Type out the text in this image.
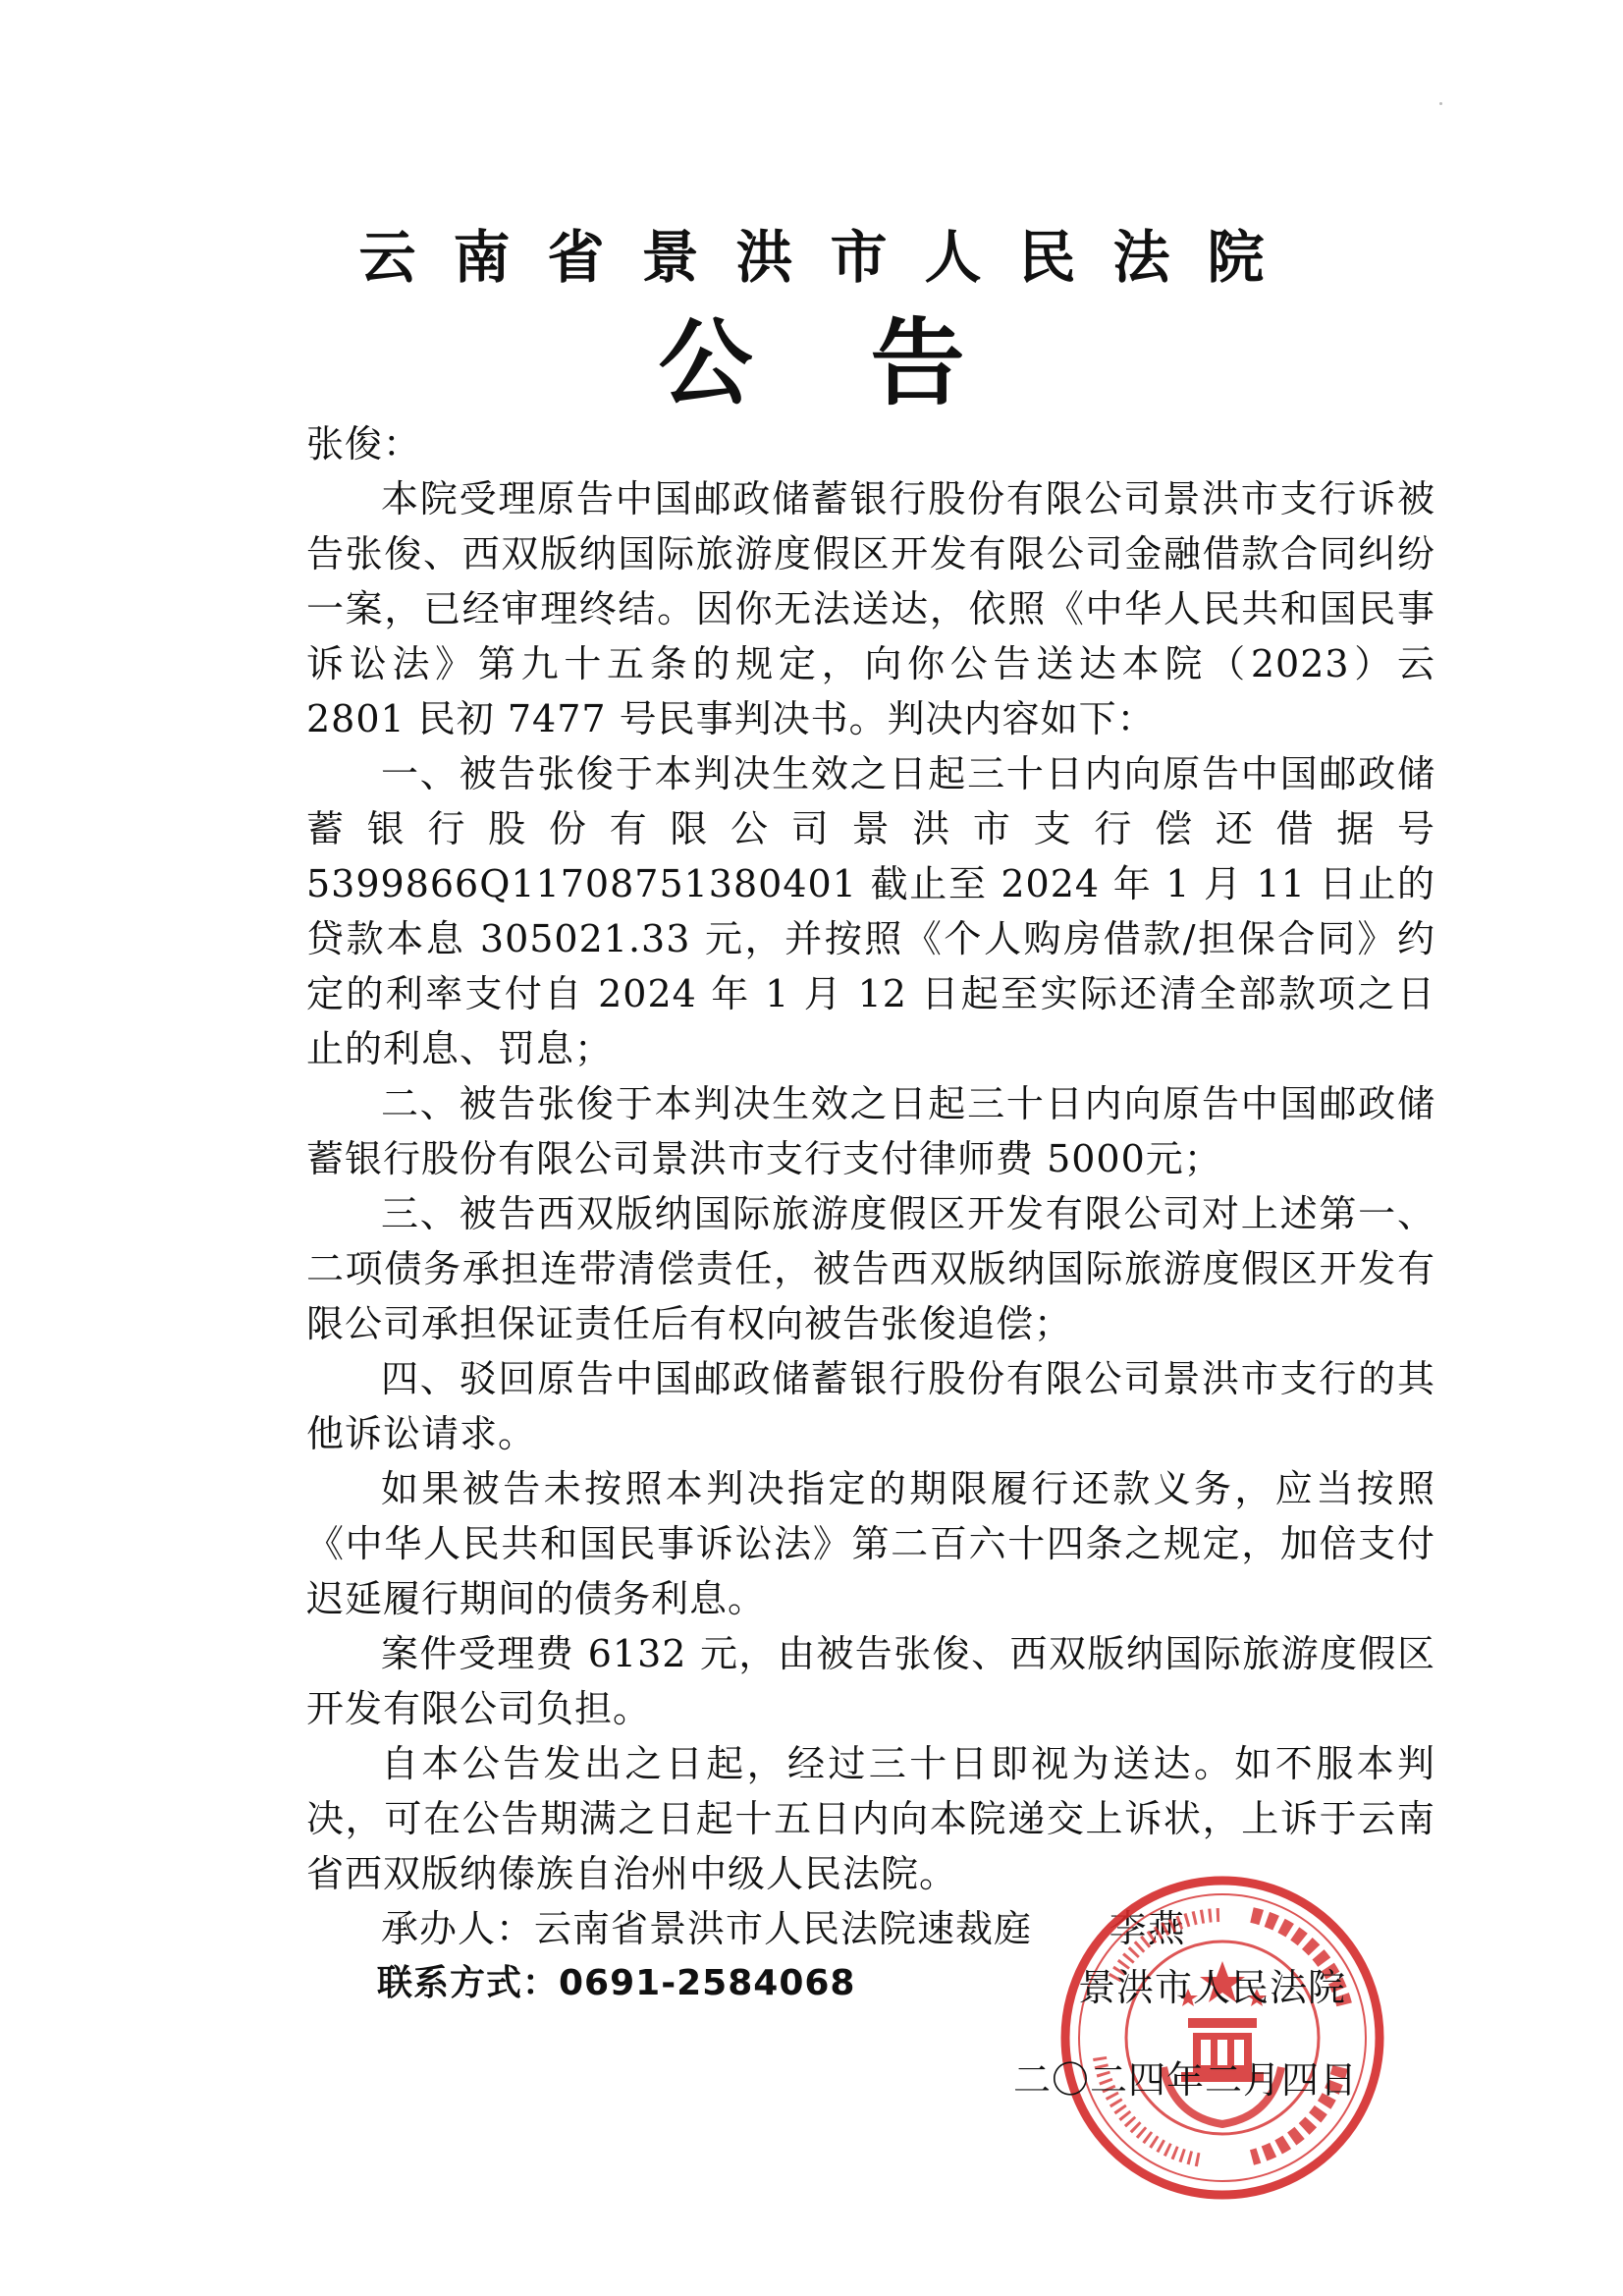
云南省景洪市人民法院
公告

张俊：

本院受理原告中国邮政储蓄银行股份有限公司景洪市支行诉被告张俊、西双版纳国际旅游度假区开发有限公司金融借款合同纠纷一案，已经审理终结。因你无法送达，依照《中华人民共和国民事诉讼法》第九十五条的规定，向你公告送达本院（2023）云 2801 民初 7477 号民事判决书。判决内容如下：

一、被告张俊于本判决生效之日起三十日内向原告中国邮政储蓄银行股份有限公司景洪市支行偿还借据号5399866Q11708751380401 截止至 2024 年 1 月 11 日止的贷款本息 305021.33 元，并按照《个人购房借款/担保合同》约定的利率支付自 2024 年 1 月 12 日起至实际还清全部款项之日止的利息、罚息；

二、被告张俊于本判决生效之日起三十日内向原告中国邮政储蓄银行股份有限公司景洪市支行支付律师费 5000元；

三、被告西双版纳国际旅游度假区开发有限公司对上述第一、二项债务承担连带清偿责任，被告西双版纳国际旅游度假区开发有限公司承担保证责任后有权向被告张俊追偿；

四、驳回原告中国邮政储蓄银行股份有限公司景洪市支行的其他诉讼请求。

如果被告未按照本判决指定的期限履行还款义务，应当按照《中华人民共和国民事诉讼法》第二百六十四条之规定，加倍支付迟延履行期间的债务利息。

案件受理费 6132 元，由被告张俊、西双版纳国际旅游度假区开发有限公司负担。

自本公告发出之日起，经过三十日即视为送达。如不服本判决，可在公告期满之日起十五日内向本院递交上诉状，上诉于云南省西双版纳傣族自治州中级人民法院。

承办人：云南省景洪市人民法院速裁庭      李燕

联系方式：0691-2584068	景洪市人民法院
二〇二四年二月四日
